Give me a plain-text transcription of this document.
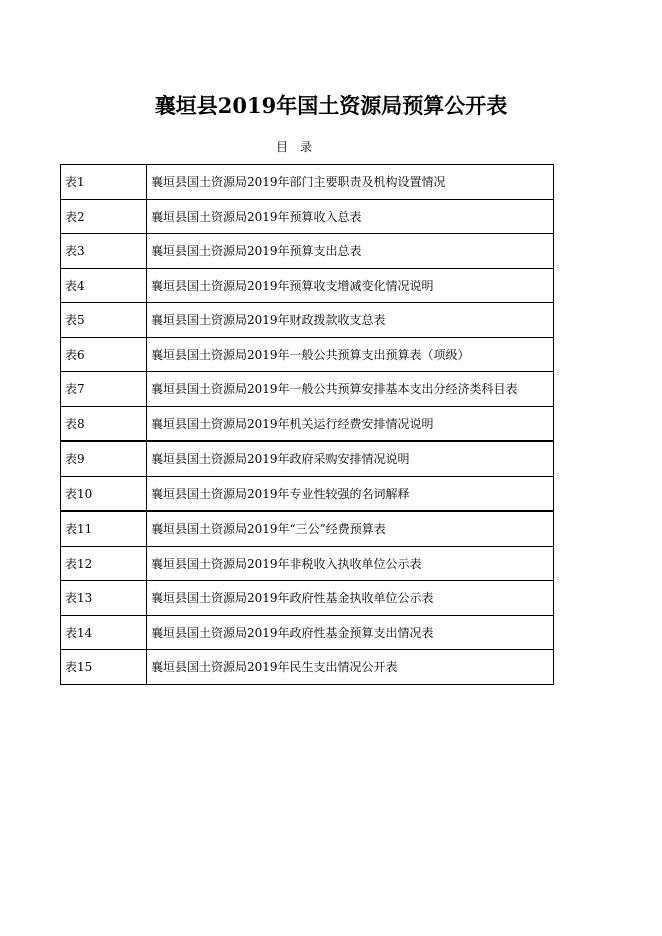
襄垣县2019年国土资源局预算公开表
目录
表1	襄垣县国土资源局2019年部门主要职责及机构设置情况
表2	襄垣县国土资源局2019年预算收入总表
表3	襄垣县国土资源局2019年预算支出总表
表4	襄垣县国土资源局2019年预算收支增减变化情况说明
表5	襄垣县国土资源局2019年财政拨款收支总表
表6	襄垣县国土资源局2019年一般公共预算支出预算表（项级）
表7	襄垣县国土资源局2019年一般公共预算安排基本支出分经济类科目表
表8	襄垣县国土资源局2019年机关运行经费安排情况说明
表9	襄垣县国土资源局2019年政府采购安排情况说明
表10	襄垣县国土资源局2019年专业性较强的名词解释
表11	襄垣县国土资源局2019年“三公”经费预算表
表12	襄垣县国土资源局2019年非税收入执收单位公示表
表13	襄垣县国土资源局2019年政府性基金执收单位公示表
表14	襄垣县国土资源局2019年政府性基金预算支出情况表
表15	襄垣县国土资源局2019年民生支出情况公开表
